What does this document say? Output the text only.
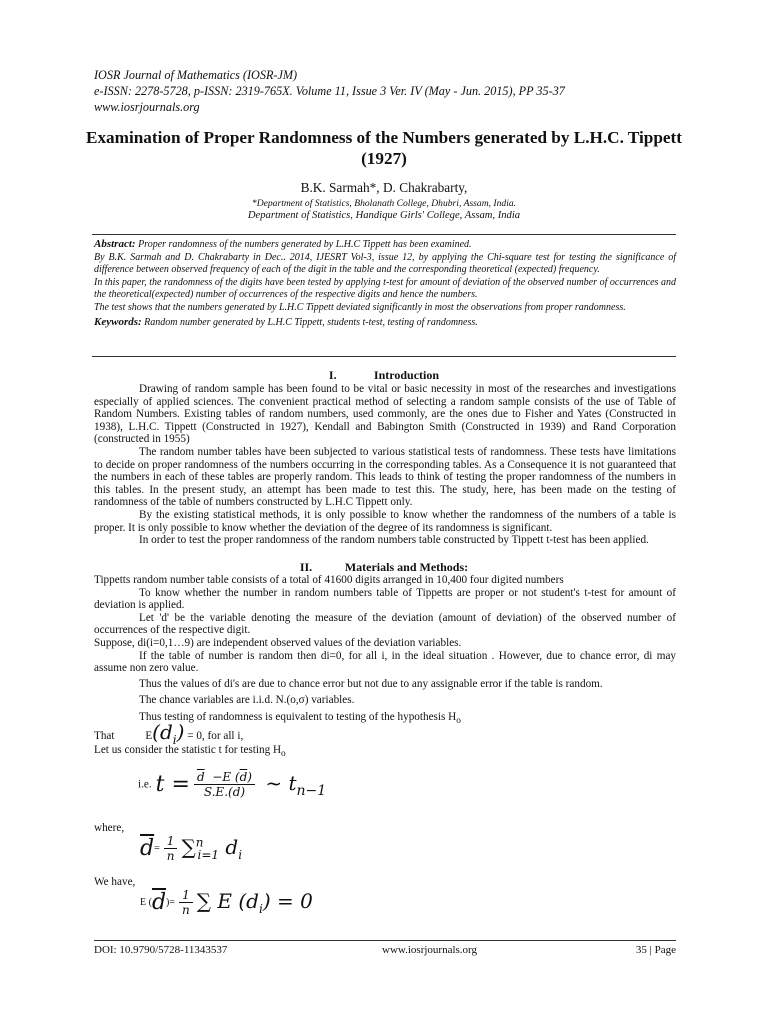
IOSR Journal of Mathematics (IOSR-JM)
e-ISSN: 2278-5728, p-ISSN: 2319-765X. Volume 11, Issue 3 Ver. IV (May - Jun. 2015), PP 35-37
www.iosrjournals.org
Examination of Proper Randomness of the Numbers generated by L.H.C. Tippett (1927)
B.K. Sarmah*, D. Chakrabarty,
*Department of Statistics, Bholanath College, Dhubri, Assam, India.
Department of Statistics, Handique Girls' College, Assam, India

Abstract: Proper randomness of the numbers generated by L.H.C Tippett has been examined.

By B.K. Sarmah and D. Chakrabarty in Dec.. 2014, IJESRT Vol-3, issue 12, by applying the Chi-square test for testing the significance of difference between observed frequency of each of the digit in the table and the corresponding theoretical (expected) frequency.

In this paper, the randomness of the digits have been tested by applying t-test for amount of deviation of the observed number of occurrences and the theoretical(expected) number of occurrences of the respective digits and hence the numbers.

The test shows that the numbers generated by L.H.C Tippett deviated significantly in most the observations from proper randomness.

Keywords: Random number generated by L.H.C Tippett, students t-test, testing of randomness.

I.	Introduction

Drawing of random sample has been found to be vital or basic necessity in most of the researches and investigations especially of applied sciences. The convenient practical method of selecting a random sample consists of the use of Table of Random Numbers. Existing tables of random numbers, used commonly, are the ones due to Fisher and Yates (Constructed in 1938), L.H.C. Tippett (Constructed in 1927), Kendall and Babington Smith (Constructed in 1939) and Rand Corporation (constructed in 1955)

The random number tables have been subjected to various statistical tests of randomness. These tests have limitations to decide on proper randomness of the numbers occurring in the corresponding tables. As a Consequence it is not guaranteed that the numbers in each of these tables are properly random. This leads to think of testing the proper randomness of the numbers in this tables. In the present study, an attempt has been made to test this. The study, here, has been made on the testing of randomness of the table of numbers constructed by L.H.C Tippett only.

By the existing statistical methods, it is only possible to know whether the randomness of the numbers of a table is proper. It is only possible to know whether the deviation of the degree of its randomness is significant.

In order to test the proper randomness of the random numbers table constructed by Tippett t-test has been applied.

II.	Materials and Methods:

Tippetts random number table consists of a total of 41600 digits arranged in 10,400 four digited numbers

To know whether the number in random numbers table of Tippetts are proper or not student's t-test for amount of deviation is applied.

Let 'd' be the variable denoting the measure of the deviation (amount of deviation) of the observed number of occurrences of the respective digit.

Suppose, di(i=0,1…9) are independent observed values of the deviation variables.

If the table of number is random then di=0, for all i, in the ideal situation . However, due to chance error, di may assume non zero value.

Thus the values of di's are due to chance error but not due to any assignable error if the table is random.

The chance variables are i.i.d. N.(o,σ) variables.

Thus testing of randomness is equivalent to testing of the hypothesis $H_o$

That	$E(d_i) = 0$, for all i,
Let us consider the statistic t for testing $H_o$
i.e. $t = \frac{\overline{d} -E (\overline{d})}{S.E.(\overline{d})}$ ~ $t_{n-1}$
where,
$\overline{d}= \frac{1}{n} \sum^n_{i=1}$ $d_i$
We have,
E $(\overline{d})= \frac{1}{n}$ ∑ E $(d_i) = 0$
DOI: 10.9790/5728-11343537	www.iosrjournals.org	35 | Page
